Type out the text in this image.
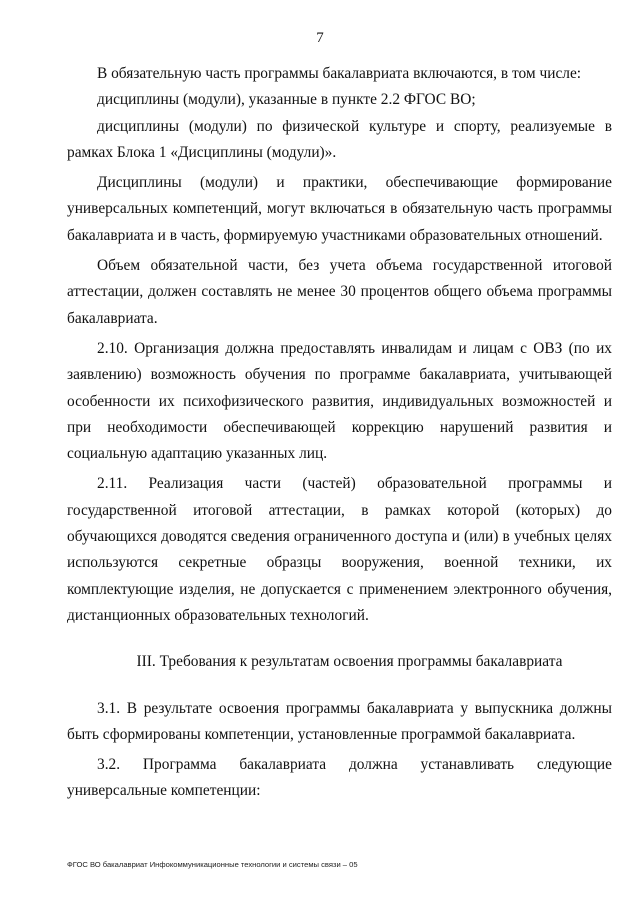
7

В обязательную часть программы бакалавриата включаются, в том числе:

дисциплины (модули), указанные в пункте 2.2 ФГОС ВО;

дисциплины (модули) по физической культуре и спорту, реализуемые в рамках Блока 1 «Дисциплины (модули)».

Дисциплины (модули) и практики, обеспечивающие формирование универсальных компетенций, могут включаться в обязательную часть программы бакалавриата и в часть, формируемую участниками образовательных отношений.

Объем обязательной части, без учета объема государственной итоговой аттестации, должен составлять не менее 30 процентов общего объема программы бакалавриата.

2.10. Организация должна предоставлять инвалидам и лицам с ОВЗ (по их заявлению) возможность обучения по программе бакалавриата, учитывающей особенности их психофизического развития, индивидуальных возможностей и при необходимости обеспечивающей коррекцию нарушений развития и социальную адаптацию указанных лиц.

2.11. Реализация части (частей) образовательной программы и государственной итоговой аттестации, в рамках которой (которых) до обучающихся доводятся сведения ограниченного доступа и (или) в учебных целях используются секретные образцы вооружения, военной техники, их комплектующие изделия, не допускается с применением электронного обучения, дистанционных образовательных технологий.

III. Требования к результатам освоения программы бакалавриата

3.1. В результате освоения программы бакалавриата у выпускника должны быть сформированы компетенции, установленные программой бакалавриата.

3.2. Программа бакалавриата должна устанавливать следующие универсальные компетенции:

ФГОС ВО бакалавриат Инфокоммуникационные технологии и системы связи – 05
